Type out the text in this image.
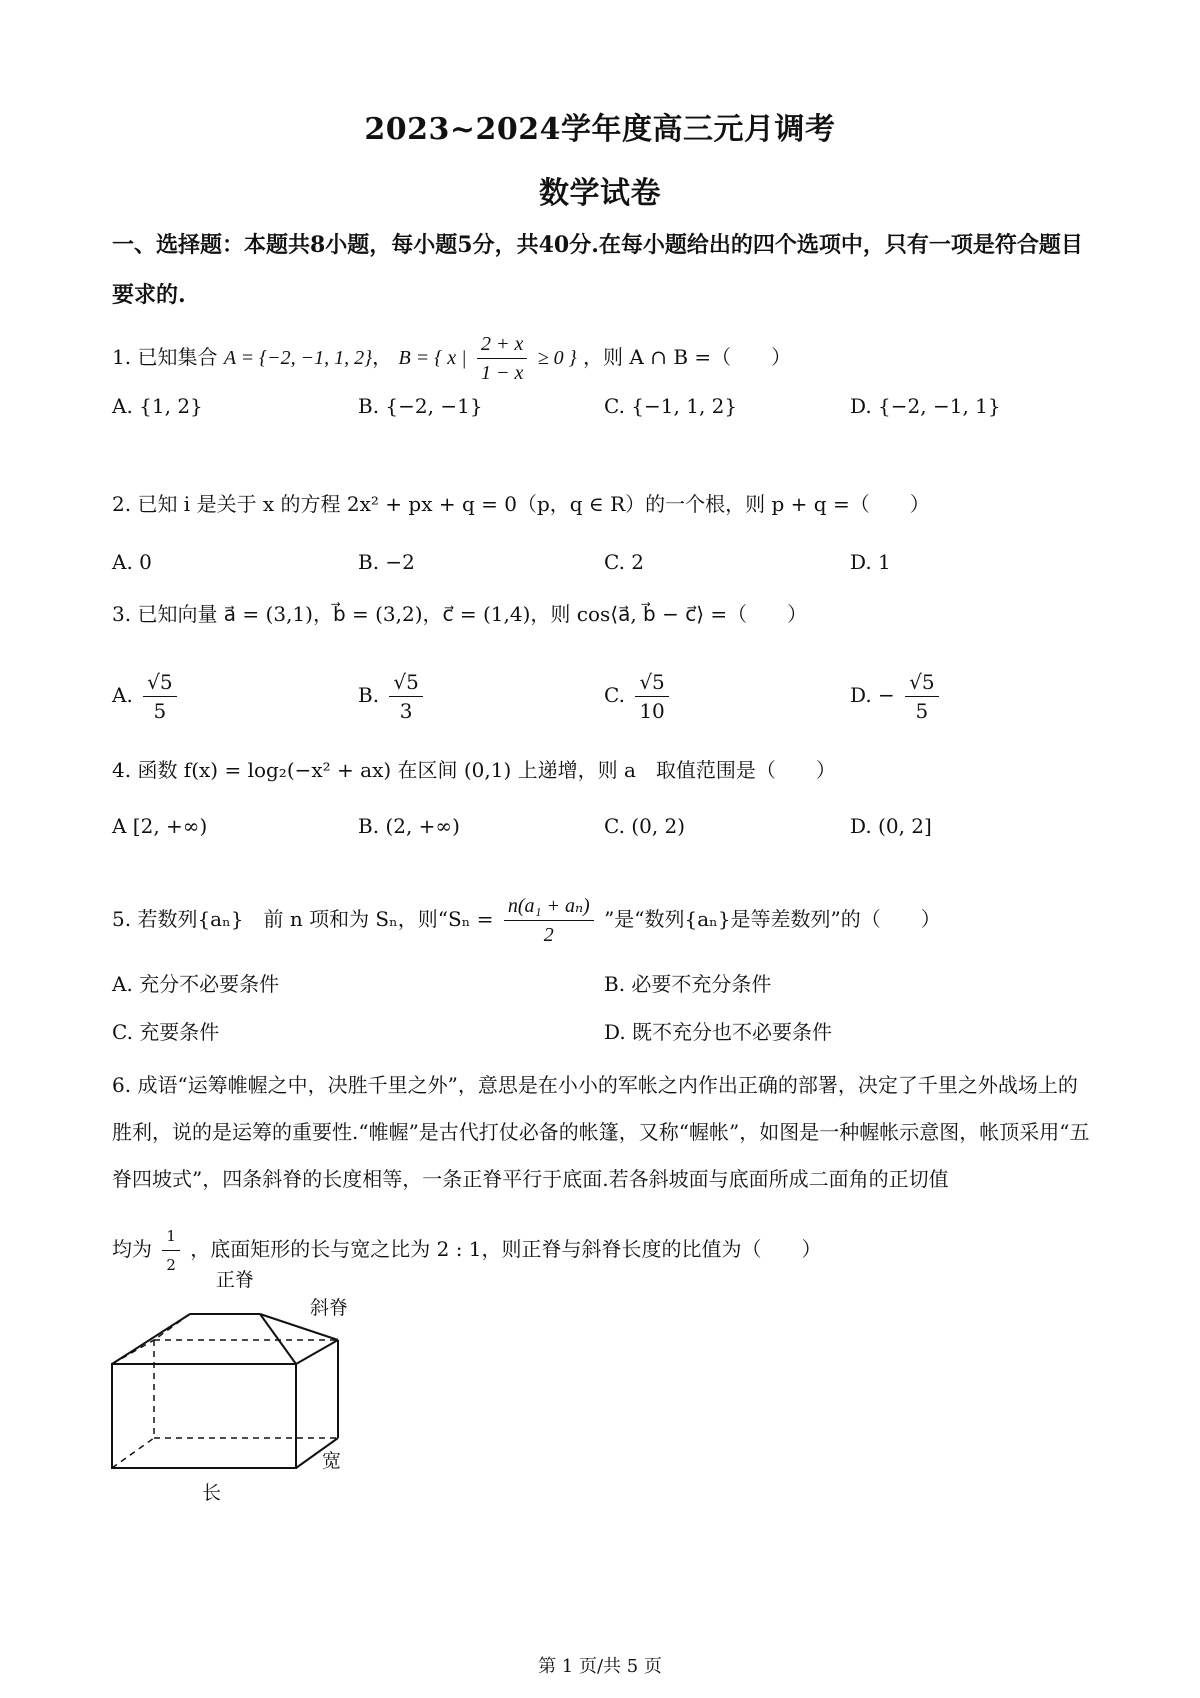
2023~2024学年度高三元月调考
数学试卷
一、选择题：本题共8小题，每小题5分，共40分.在每小题给出的四个选项中，只有一项是符合题目要求的.
1. 已知集合 A = {−2, −1, 1, 2}， B = { x | $\frac{2 + x}{1 - x} \ge 0$ } ，则 A ∩ B =（　　）
A. {1, 2}	B. {−2, −1}	C. {−1, 1, 2}	D. {−2, −1, 1}
2. 已知 i 是关于 x 的方程 2x² + px + q = 0（p，q ∈ R）的一个根，则 p + q =（　　）
A. 0	B. −2	C. 2	D. 1
3. 已知向量 a⃗ = (3,1)，b⃗ = (3,2)，c⃗ = (1,4)，则 cos⟨a⃗, b⃗ − c⃗⟩ =（　　）
A. $\frac{√5}{5}$	B. $\frac{√5}{3}$	C. $\frac{√5}{10}$	D. − $\frac{√5}{5}$
4. 函数 f(x) = log₂(−x² + ax) 在区间 (0,1) 上递增，则 a　取值范围是（　　）
A [2, +∞)	B. (2, +∞)	C. (0, 2)	D. (0, 2]
5. 若数列{aₙ}　前 n 项和为 Sₙ，则“$S_n = \frac{\text{n(a₁ + aₙ)}}{2}$ ”是“数列{aₙ}是等差数列”的（　　）
A. 充分不必要条件	B. 必要不充分条件
C. 充要条件	D. 既不充分也不必要条件
6. 成语“运筹帷幄之中，决胜千里之外”，意思是在小小的军帐之内作出正确的部署，决定了千里之外战场上的胜利，说的是运筹的重要性.“帷幄”是古代打仗必备的帐篷，又称“幄帐”，如图是一种幄帐示意图，帐顶采用“五脊四坡式”，四条斜脊的长度相等，一条正脊平行于底面.若各斜坡面与底面所成二面角的正切值
均为 $\frac{1}{2}$ ，底面矩形的长与宽之比为 2 : 1，则正脊与斜脊长度的比值为（　　）
正脊
斜脊
长
宽
第 1 页/共 5 页
